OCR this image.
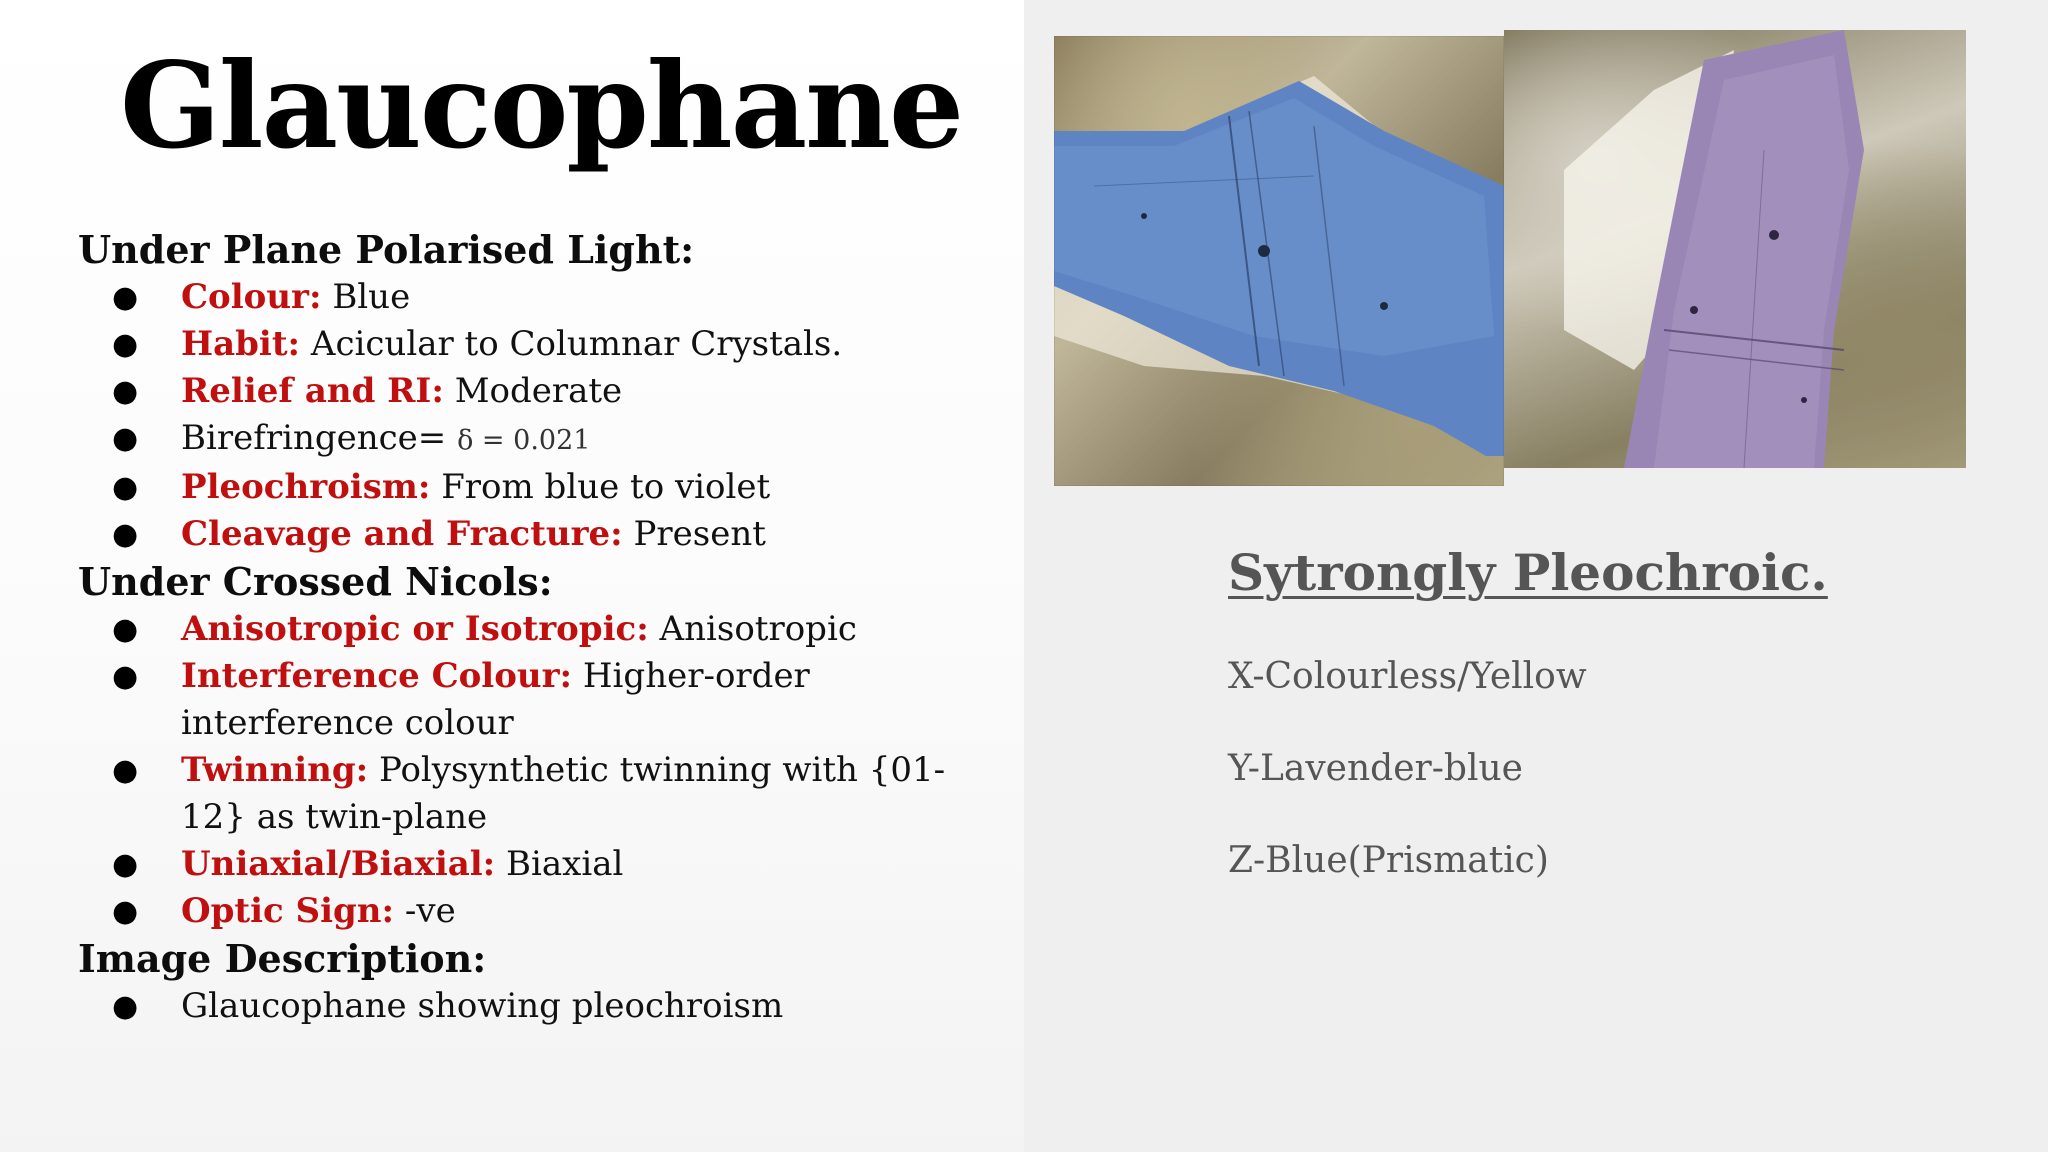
Glaucophane
Under Plane Polarised Light:
● Colour: Blue
● Habit: Acicular to Columnar Crystals.
● Relief and RI: Moderate
● Birefringence= δ = 0.021
● Pleochroism: From blue to violet
● Cleavage and Fracture: Present
Under Crossed Nicols:
● Anisotropic or Isotropic: Anisotropic
● Interference Colour: Higher-order interference colour
● Twinning: Polysynthetic twinning with {01-12} as twin-plane
● Uniaxial/Biaxial: Biaxial
● Optic Sign: -ve
Image Description:
● Glaucophane showing pleochroism
Sytrongly Pleochroic.
X-Colourless/Yellow
Y-Lavender-blue
Z-Blue(Prismatic)
